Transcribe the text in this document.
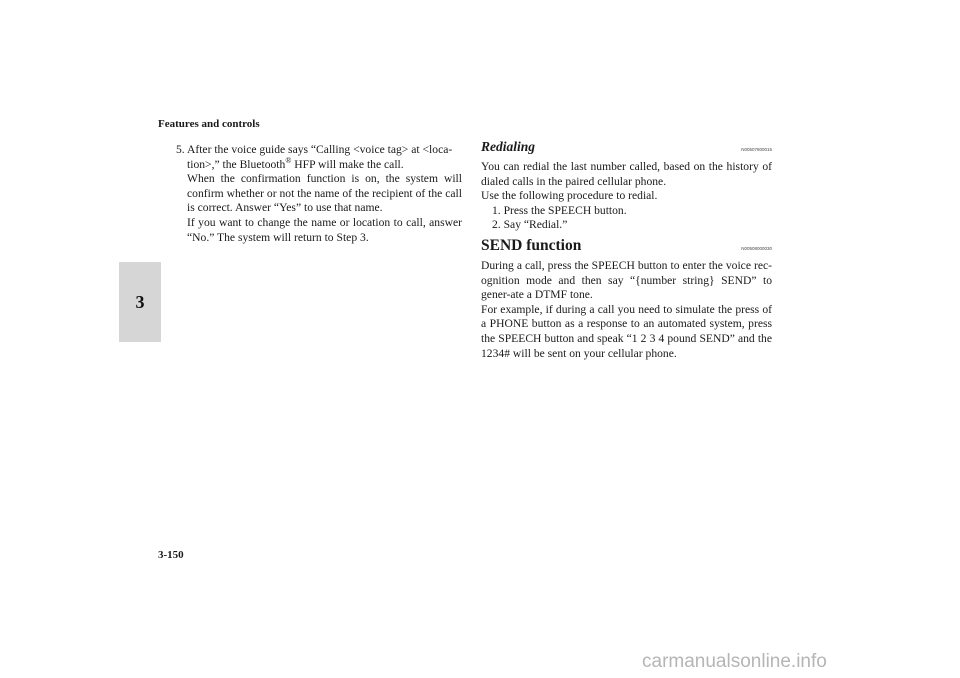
Features and controls
3

5. After the voice guide says “Calling <voice tag> at <loca-

tion>,” the Bluetooth® HFP will make the call.

When the confirmation function is on, the system will confirm whether or not the name of the recipient of the call is correct. Answer “Yes” to use that name.

If you want to change the name or location to call, answer “No.” The system will return to Step 3.

Redialing	N00507800015

You can redial the last number called, based on the history of dialed calls in the paired cellular phone.

Use the following procedure to redial.

1. Press the SPEECH button.

2. Say “Redial.”

SEND function	N00508000030

During a call, press the SPEECH button to enter the voice rec-ognition mode and then say “{number string} SEND” to gener-ate a DTMF tone.

For example, if during a call you need to simulate the press of a PHONE button as a response to an automated system, press the SPEECH button and speak “1 2 3 4 pound SEND” and the 1234# will be sent on your cellular phone.

3-150
carmanualsonline.info
